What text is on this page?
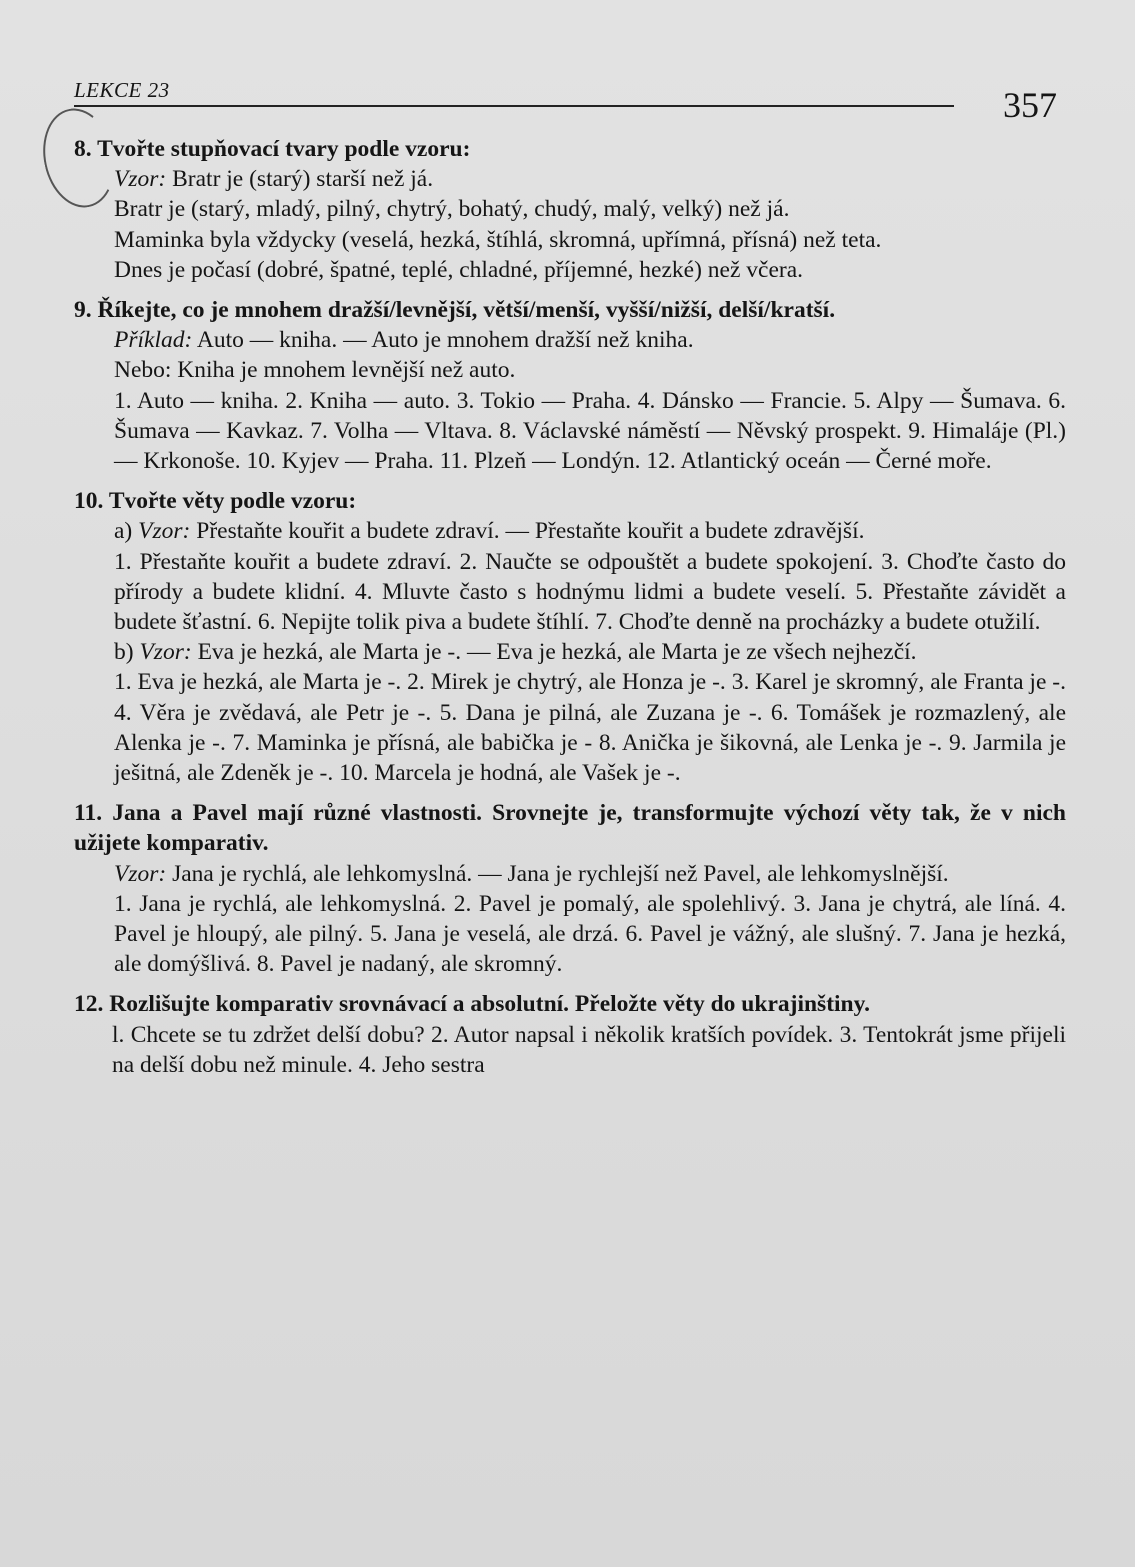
LEKCE 23	357
8. Tvořte stupňovací tvary podle vzoru:

Vzor: Bratr je (starý) starší než já.

Bratr je (starý, mladý, pilný, chytrý, bohatý, chudý, malý, velký) než já.

Maminka byla vždycky (veselá, hezká, štíhlá, skromná, upřímná, přísná) než teta.

Dnes je počasí (dobré, špatné, teplé, chladné, příjemné, hezké) než včera.

9. Říkejte, co je mnohem dražší/levnější, větší/menší, vyšší/nižší, delší/kratší.

Příklad: Auto — kniha. — Auto je mnohem dražší než kniha.

Nebo: Kniha je mnohem levnější než auto.

1. Auto — kniha. 2. Kniha — auto. 3. Tokio — Praha. 4. Dánsko — Francie. 5. Alpy — Šumava. 6. Šumava — Kavkaz. 7. Volha — Vltava. 8. Václavské náměstí — Něvský prospekt. 9. Himaláje (Pl.) — Krkonoše. 10. Kyjev — Praha. 11. Plzeň — Londýn. 12. Atlantický oceán — Černé moře.

10. Tvořte věty podle vzoru:

a) Vzor: Přestaňte kouřit a budete zdraví. — Přestaňte kouřit a budete zdravější.

1. Přestaňte kouřit a budete zdraví. 2. Naučte se odpouštět a budete spokojení. 3. Choďte často do přírody a budete klidní. 4. Mluvte často s hodnýmu lidmi a budete veselí. 5. Přestaňte závidět a budete šťastní. 6. Nepijte tolik piva a budete štíhlí. 7. Choďte denně na procházky a budete otužilí.

b) Vzor: Eva je hezká, ale Marta je -. — Eva je hezká, ale Marta je ze všech nejhezčí.

1. Eva je hezká, ale Marta je -. 2. Mirek je chytrý, ale Honza je -. 3. Karel je skromný, ale Franta je -. 4. Věra je zvědavá, ale Petr je -. 5. Dana je pilná, ale Zuzana je -. 6. Tomášek je rozmazlený, ale Alenka je -. 7. Maminka je přísná, ale babička je - 8. Anička je šikovná, ale Lenka je -. 9. Jarmila je ješitná, ale Zdeněk je -. 10. Marcela je hodná, ale Vašek je -.

11. Jana a Pavel mají různé vlastnosti. Srovnejte je, transformujte výchozí věty tak, že v nich užijete komparativ.

Vzor: Jana je rychlá, ale lehkomyslná. — Jana je rychlejší než Pavel, ale lehkomyslnější.

1. Jana je rychlá, ale lehkomyslná. 2. Pavel je pomalý, ale spolehlivý. 3. Jana je chytrá, ale líná. 4. Pavel je hloupý, ale pilný. 5. Jana je veselá, ale drzá. 6. Pavel je vážný, ale slušný. 7. Jana je hezká, ale domýšlivá. 8. Pavel je nadaný, ale skromný.

12. Rozlišujte komparativ srovnávací a absolutní. Přeložte věty do ukrajinštiny.

l. Chcete se tu zdržet delší dobu? 2. Autor napsal i několik kratších povídek. 3. Tentokrát jsme přijeli na delší dobu než minule. 4. Jeho sestra
